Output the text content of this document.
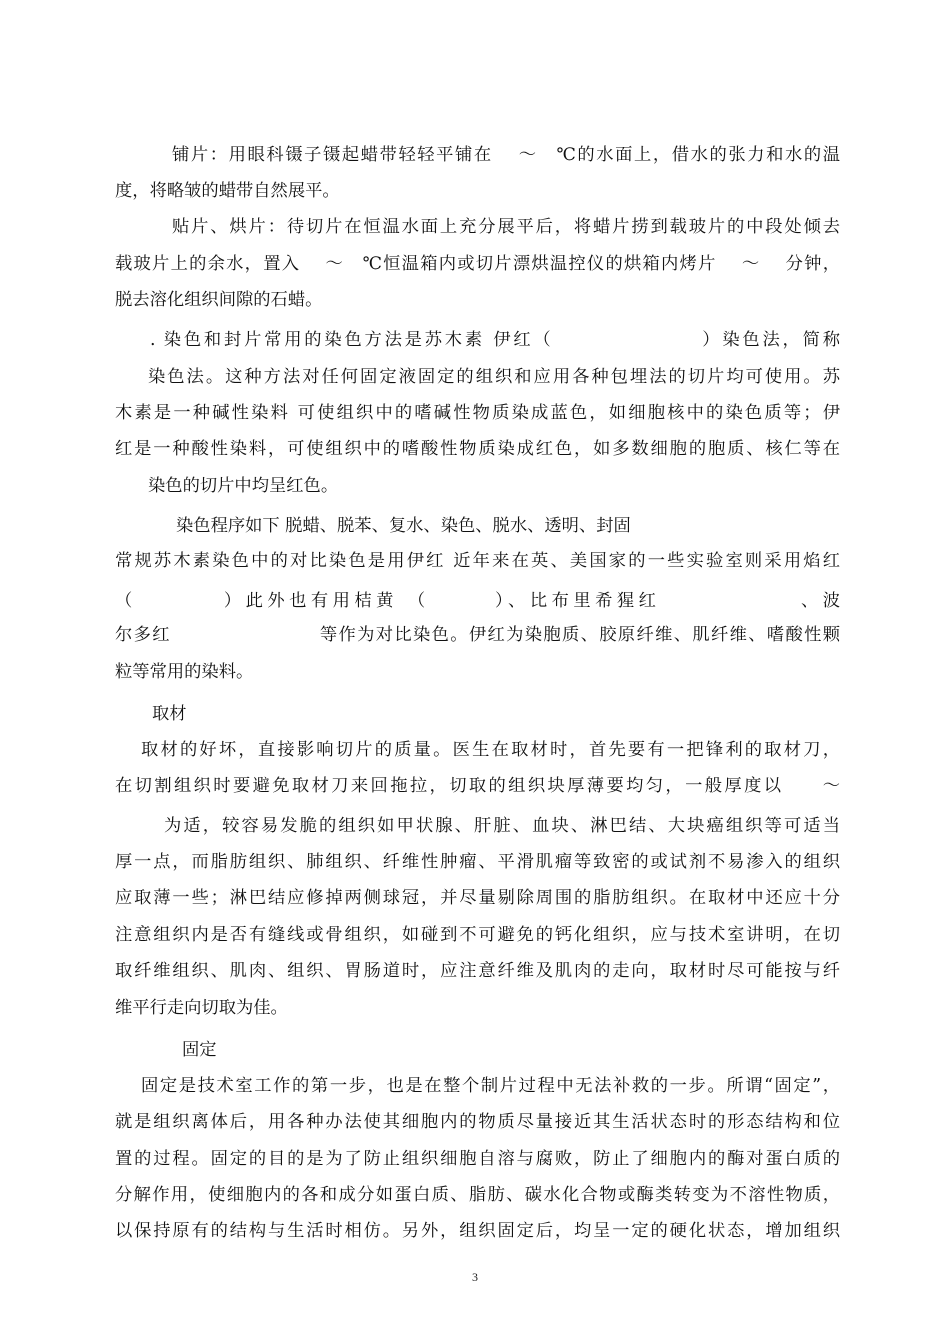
铺片：用眼科镊子镊起蜡带轻轻平铺在　 ～　℃的水面上，借水的张力和水的温
度，将略皱的蜡带自然展平。
贴片、烘片：待切片在恒温水面上充分展平后，将蜡片捞到载玻片的中段处倾去
载玻片上的余水，置入　 ～　℃恒温箱内或切片漂烘温控仪的烘箱内烤片　 ～　 分钟，
脱去溶化组织间隙的石蜡。
. 染色和封片常用的染色方法是苏木素 伊红（　　　　　　　 ）染色法，简称
染色法。这种方法对任何固定液固定的组织和应用各种包埋法的切片均可使用。苏
木素是一种碱性染料 可使组织中的嗜碱性物质染成蓝色，如细胞核中的染色质等；伊
红是一种酸性染料，可使组织中的嗜酸性物质染成红色，如多数细胞的胞质、核仁等在
染色的切片中均呈红色。
染色程序如下 脱蜡、脱苯、复水、染色、脱水、透明、封固
常规苏木素染色中的对比染色是用伊红 近年来在英、美国家的一些实验室则采用焰红
（　　　　）此外也有用桔黄 （　　　）、比布里希猩红　　　　　　 、波
尔多红　　　　　　　　等作为对比染色。伊红为染胞质、胶原纤维、肌纤维、嗜酸性颗
粒等常用的染料。
取材
取材的好坏，直接影响切片的质量。医生在取材时，首先要有一把锋利的取材刀，
在切割组织时要避免取材刀来回拖拉，切取的组织块厚薄要均匀，一般厚度以　　～
为适，较容易发脆的组织如甲状腺、肝脏、血块、淋巴结、大块癌组织等可适当
厚一点，而脂肪组织、肺组织、纤维性肿瘤、平滑肌瘤等致密的或试剂不易渗入的组织
应取薄一些；淋巴结应修掉两侧球冠，并尽量剔除周围的脂肪组织。在取材中还应十分
注意组织内是否有缝线或骨组织，如碰到不可避免的钙化组织，应与技术室讲明，在切
取纤维组织、肌肉、组织、胃肠道时，应注意纤维及肌肉的走向，取材时尽可能按与纤
维平行走向切取为佳。
固定
固定是技术室工作的第一步，也是在整个制片过程中无法补救的一步。所谓“固定”，
就是组织离体后，用各种办法使其细胞内的物质尽量接近其生活状态时的形态结构和位
置的过程。固定的目的是为了防止组织细胞自溶与腐败，防止了细胞内的酶对蛋白质的
分解作用，使细胞内的各和成分如蛋白质、脂肪、碳水化合物或酶类转变为不溶性物质，
以保持原有的结构与生活时相仿。另外，组织固定后，均呈一定的硬化状态，增加组织
3
